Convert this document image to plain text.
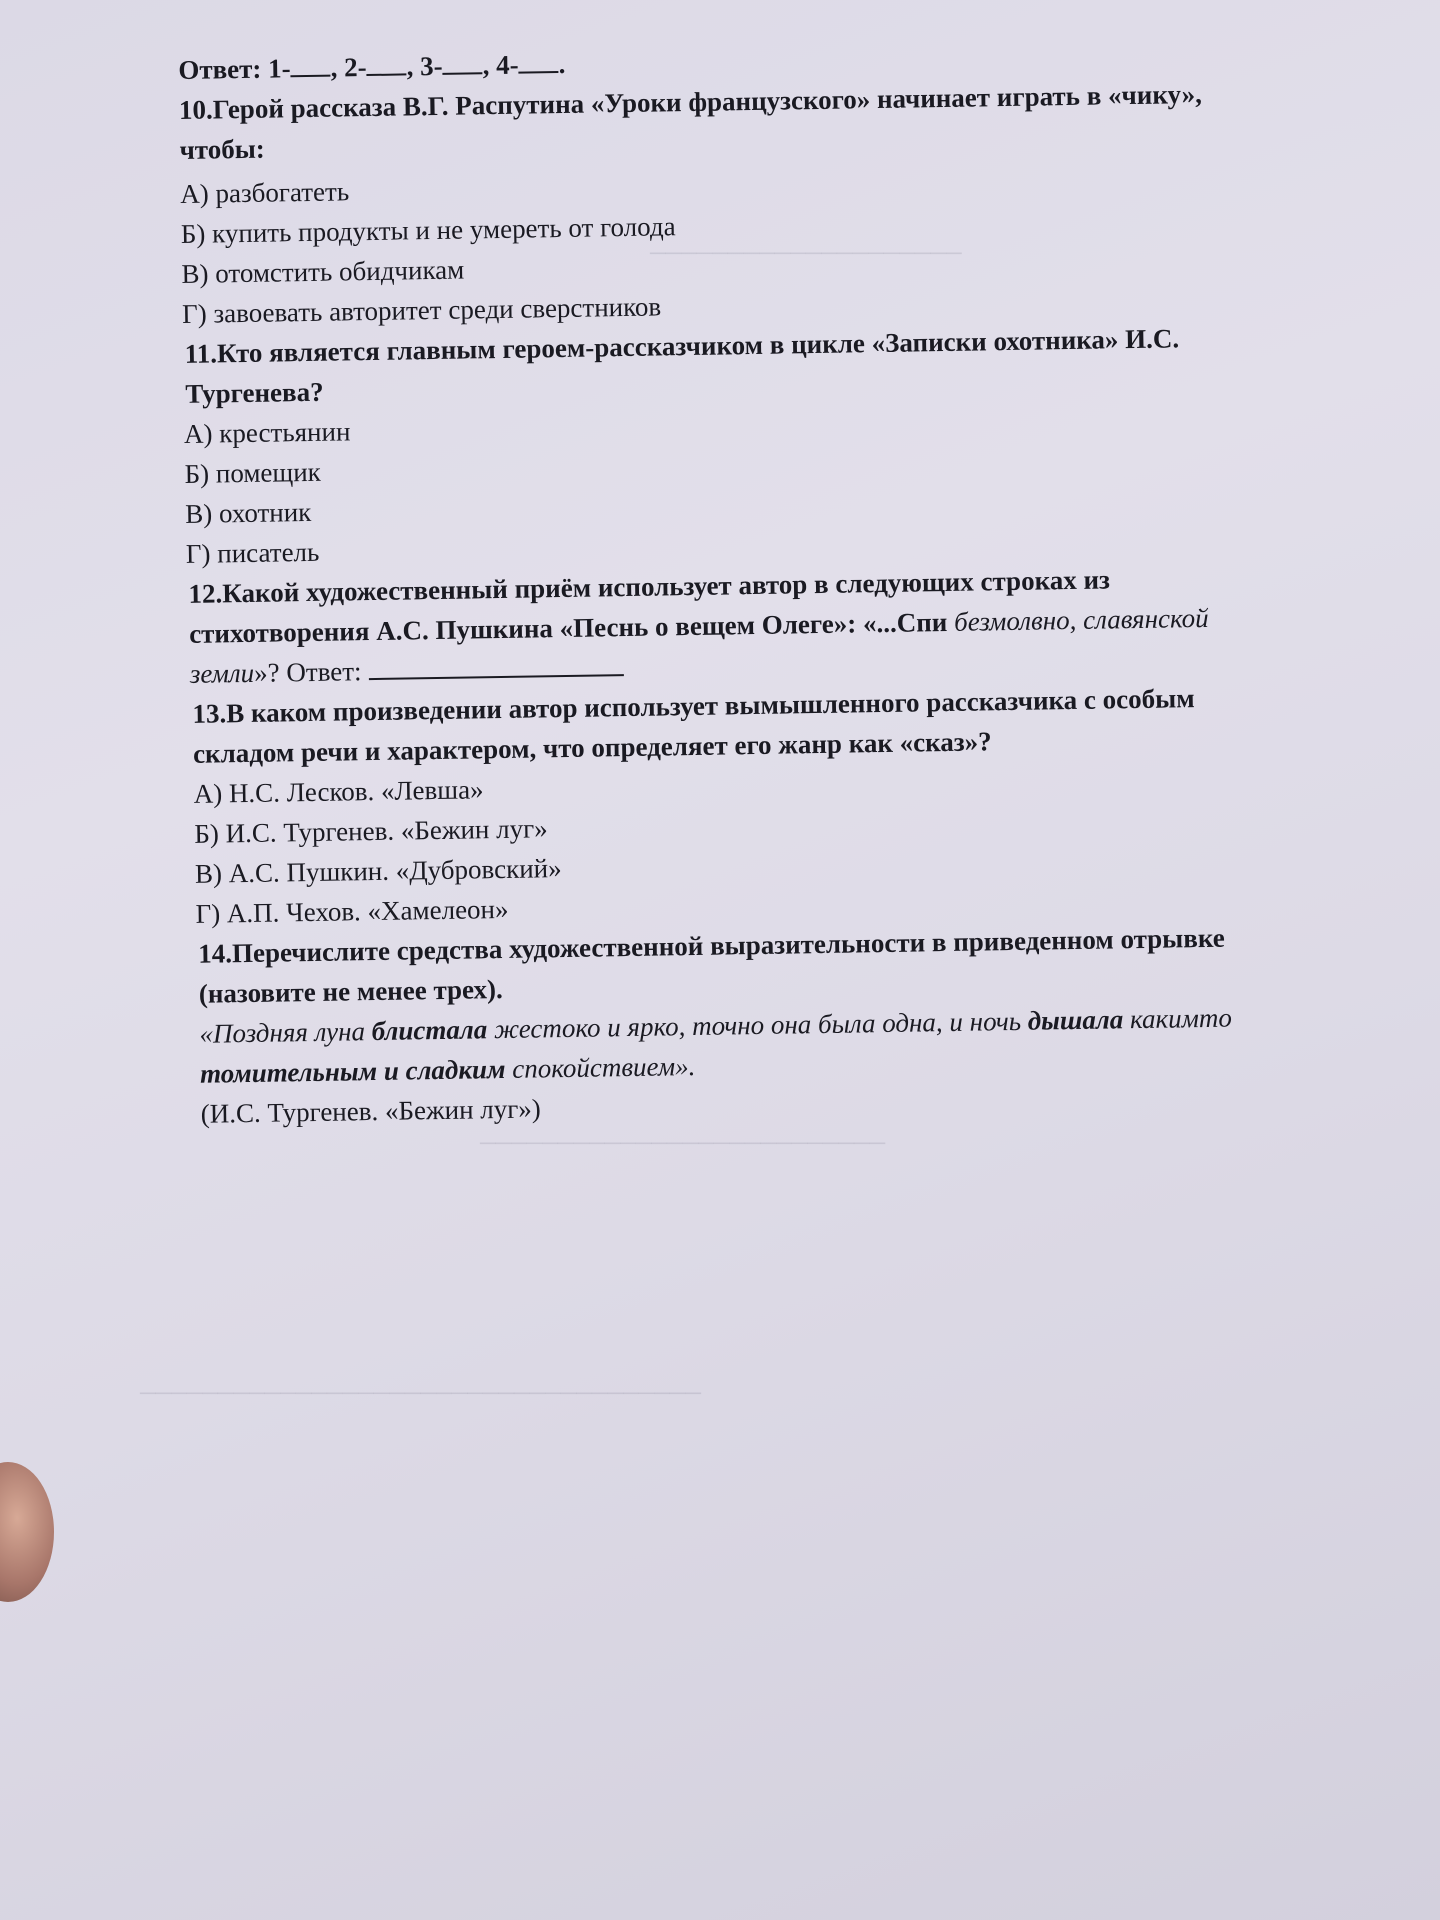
────────────────────
──────────────────────────
────────────────────────────────────
Ответ: 1- , 2- , 3- , 4- .
10.Герой рассказа В.Г. Распутина «Уроки французского» начинает играть в «чику»,
чтобы:
А) разбогатеть
Б) купить продукты и не умереть от голода
В) отомстить обидчикам
Г) завоевать авторитет среди сверстников
11.Кто является главным героем-рассказчиком в цикле «Записки охотника» И.С.
Тургенева?
А) крестьянин
Б) помещик
В) охотник
Г) писатель
12.Какой художественный приём использует автор в следующих строках из
стихотворения А.С. Пушкина «Песнь о вещем Олеге»: «...Спи безмолвно, славянской
земли»? Ответ:
13.В каком произведении автор использует вымышленного рассказчика с особым
складом речи и характером, что определяет его жанр как «сказ»?
А) Н.С. Лесков. «Левша»
Б) И.С. Тургенев. «Бежин луг»
В) А.С. Пушкин. «Дубровский»
Г) А.П. Чехов. «Хамелеон»
14.Перечислите средства художественной выразительности в приведенном отрывке
(назовите не менее трех).
«Поздняя луна блистала жестоко и ярко, точно она была одна, и ночь дышала какимто
томительным и сладким спокойствием».
(И.С. Тургенев. «Бежин луг»)
